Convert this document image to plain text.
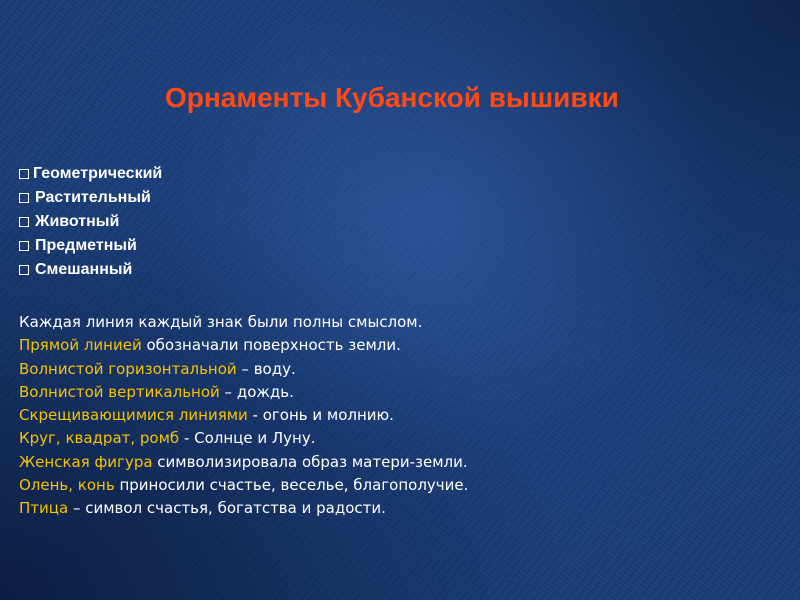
Орнаменты Кубанской вышивки
Геометрический
Растительный
Животный
Предметный
Смешанный

Каждая линия каждый знак были полны смыслом.

Прямой линией обозначали поверхность земли.

Волнистой горизонтальной – воду.

Волнистой вертикальной – дождь.

Скрещивающимися линиями - огонь и молнию.

Круг, квадрат, ромб - Солнце и Луну.

Женская фигура символизировала образ матери-земли.

Олень, конь приносили счастье, веселье, благополучие.

Птица – символ счастья, богатства и радости.
